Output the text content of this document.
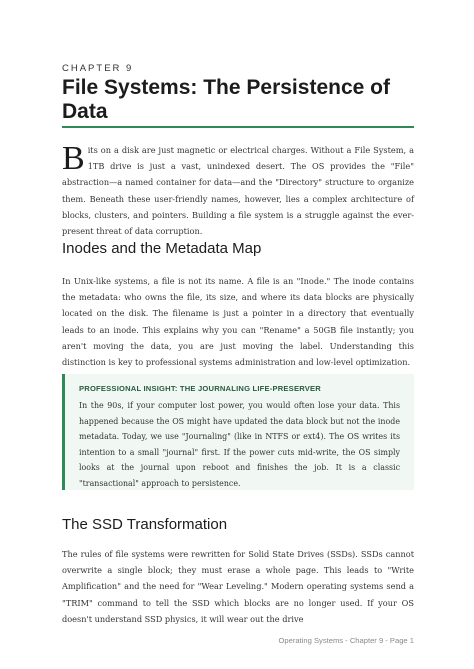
CHAPTER 9
File Systems: The Persistence of Data
Bits on a disk are just magnetic or electrical charges. Without a File System, a 1TB drive is just a vast, unindexed desert. The OS provides the "File" abstraction—a named container for data—and the "Directory" structure to organize them. Beneath these user-friendly names, however, lies a complex architecture of blocks, clusters, and pointers. Building a file system is a struggle against the ever-present threat of data corruption.
Inodes and the Metadata Map

In Unix-like systems, a file is not its name. A file is an "Inode." The inode contains the metadata: who owns the file, its size, and where its data blocks are physically located on the disk. The filename is just a pointer in a directory that eventually leads to an inode. This explains why you can "Rename" a 50GB file instantly; you aren't moving the data, you are just moving the label. Understanding this distinction is key to professional systems administration and low-level optimization.

PROFESSIONAL INSIGHT: THE JOURNALING LIFE-PRESERVER

In the 90s, if your computer lost power, you would often lose your data. This happened because the OS might have updated the data block but not the inode metadata. Today, we use "Journaling" (like in NTFS or ext4). The OS writes its intention to a small "journal" first. If the power cuts mid-write, the OS simply looks at the journal upon reboot and finishes the job. It is a classic "transactional" approach to persistence.

The SSD Transformation

The rules of file systems were rewritten for Solid State Drives (SSDs). SSDs cannot overwrite a single block; they must erase a whole page. This leads to "Write Amplification" and the need for "Wear Leveling." Modern operating systems send a "TRIM" command to tell the SSD which blocks are no longer used. If your OS doesn't understand SSD physics, it will wear out the drive

Operating Systems - Chapter 9 - Page 1
